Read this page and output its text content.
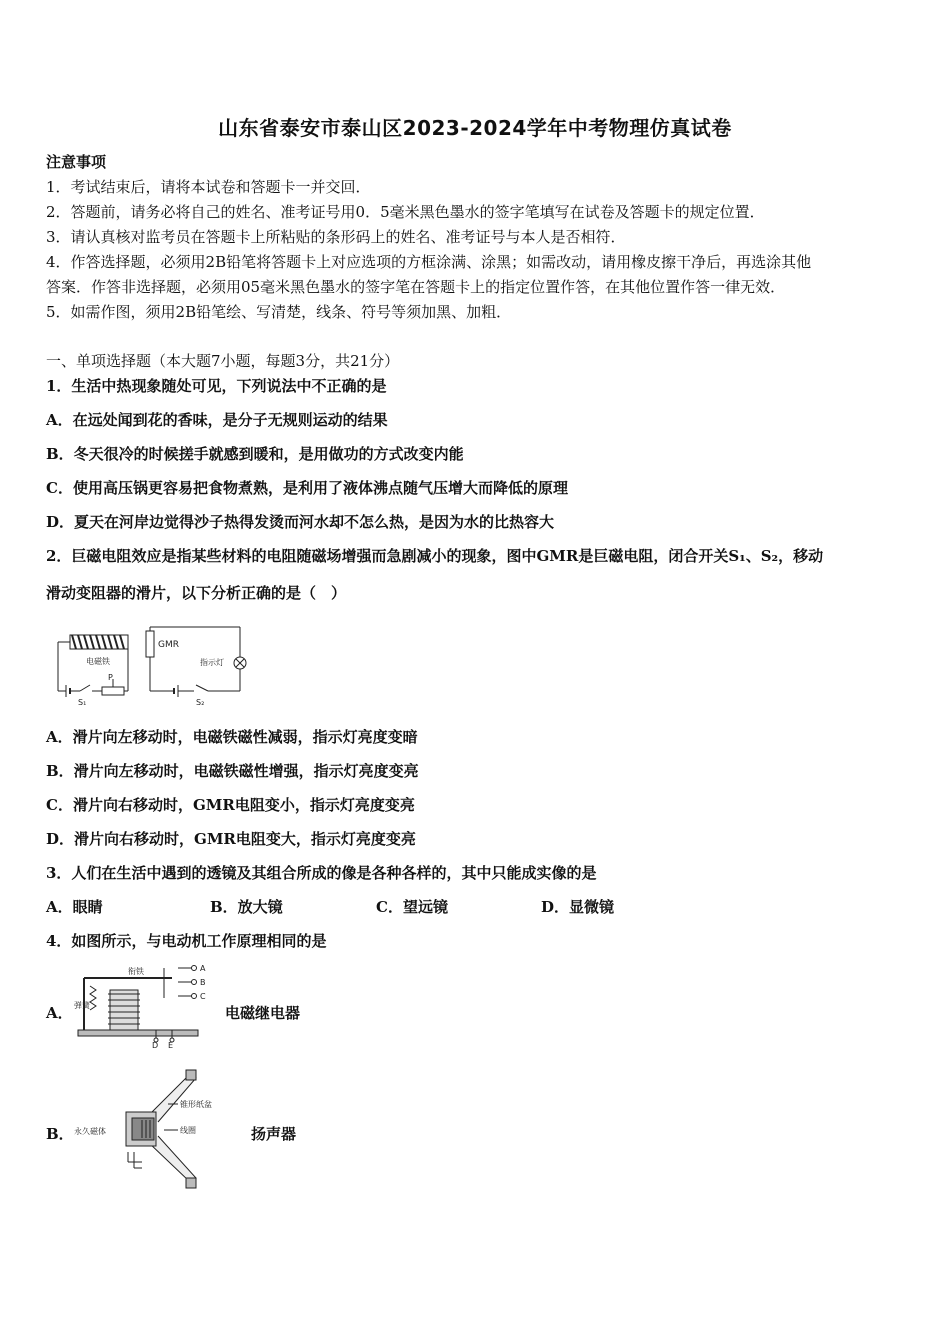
山东省泰安市泰山区2023-2024学年中考物理仿真试卷
注意事项
1．考试结束后，请将本试卷和答题卡一并交回．
2．答题前，请务必将自己的姓名、准考证号用0．5毫米黑色墨水的签字笔填写在试卷及答题卡的规定位置．
3．请认真核对监考员在答题卡上所粘贴的条形码上的姓名、准考证号与本人是否相符．
4．作答选择题，必须用2B铅笔将答题卡上对应选项的方框涂满、涂黑；如需改动，请用橡皮擦干净后，再选涂其他
答案．作答非选择题，必须用05毫米黑色墨水的签字笔在答题卡上的指定位置作答，在其他位置作答一律无效．
5．如需作图，须用2B铅笔绘、写清楚，线条、符号等须加黑、加粗．
一、单项选择题（本大题7小题，每题3分，共21分）
1．生活中热现象随处可见，下列说法中不正确的是
A．在远处闻到花的香味，是分子无规则运动的结果
B．冬天很冷的时候搓手就感到暖和，是用做功的方式改变内能
C．使用高压锅更容易把食物煮熟，是利用了液体沸点随气压增大而降低的原理
D．夏天在河岸边觉得沙子热得发烫而河水却不怎么热，是因为水的比热容大
2．巨磁电阻效应是指某些材料的电阻随磁场增强而急剧减小的现象，图中GMR是巨磁电阻，闭合开关S₁、S₂，移动
滑动变阻器的滑片，以下分析正确的是（　）
GMR
电磁铁	指示灯
P
S₁	S₂
A．滑片向左移动时，电磁铁磁性减弱，指示灯亮度变暗
B．滑片向左移动时，电磁铁磁性增强，指示灯亮度变亮
C．滑片向右移动时，GMR电阻变小，指示灯亮度变亮
D．滑片向右移动时，GMR电阻变大，指示灯亮度变亮
3．人们在生活中遇到的透镜及其组合所成的像是各种各样的，其中只能成实像的是
A．眼睛	B．放大镜	C．望远镜	D．显微镜
4．如图所示，与电动机工作原理相同的是
A．
衔铁
弹簧
A
B
C
D E
电磁继电器
B． 永久磁体
锥形纸盆
线圈	扬声器
